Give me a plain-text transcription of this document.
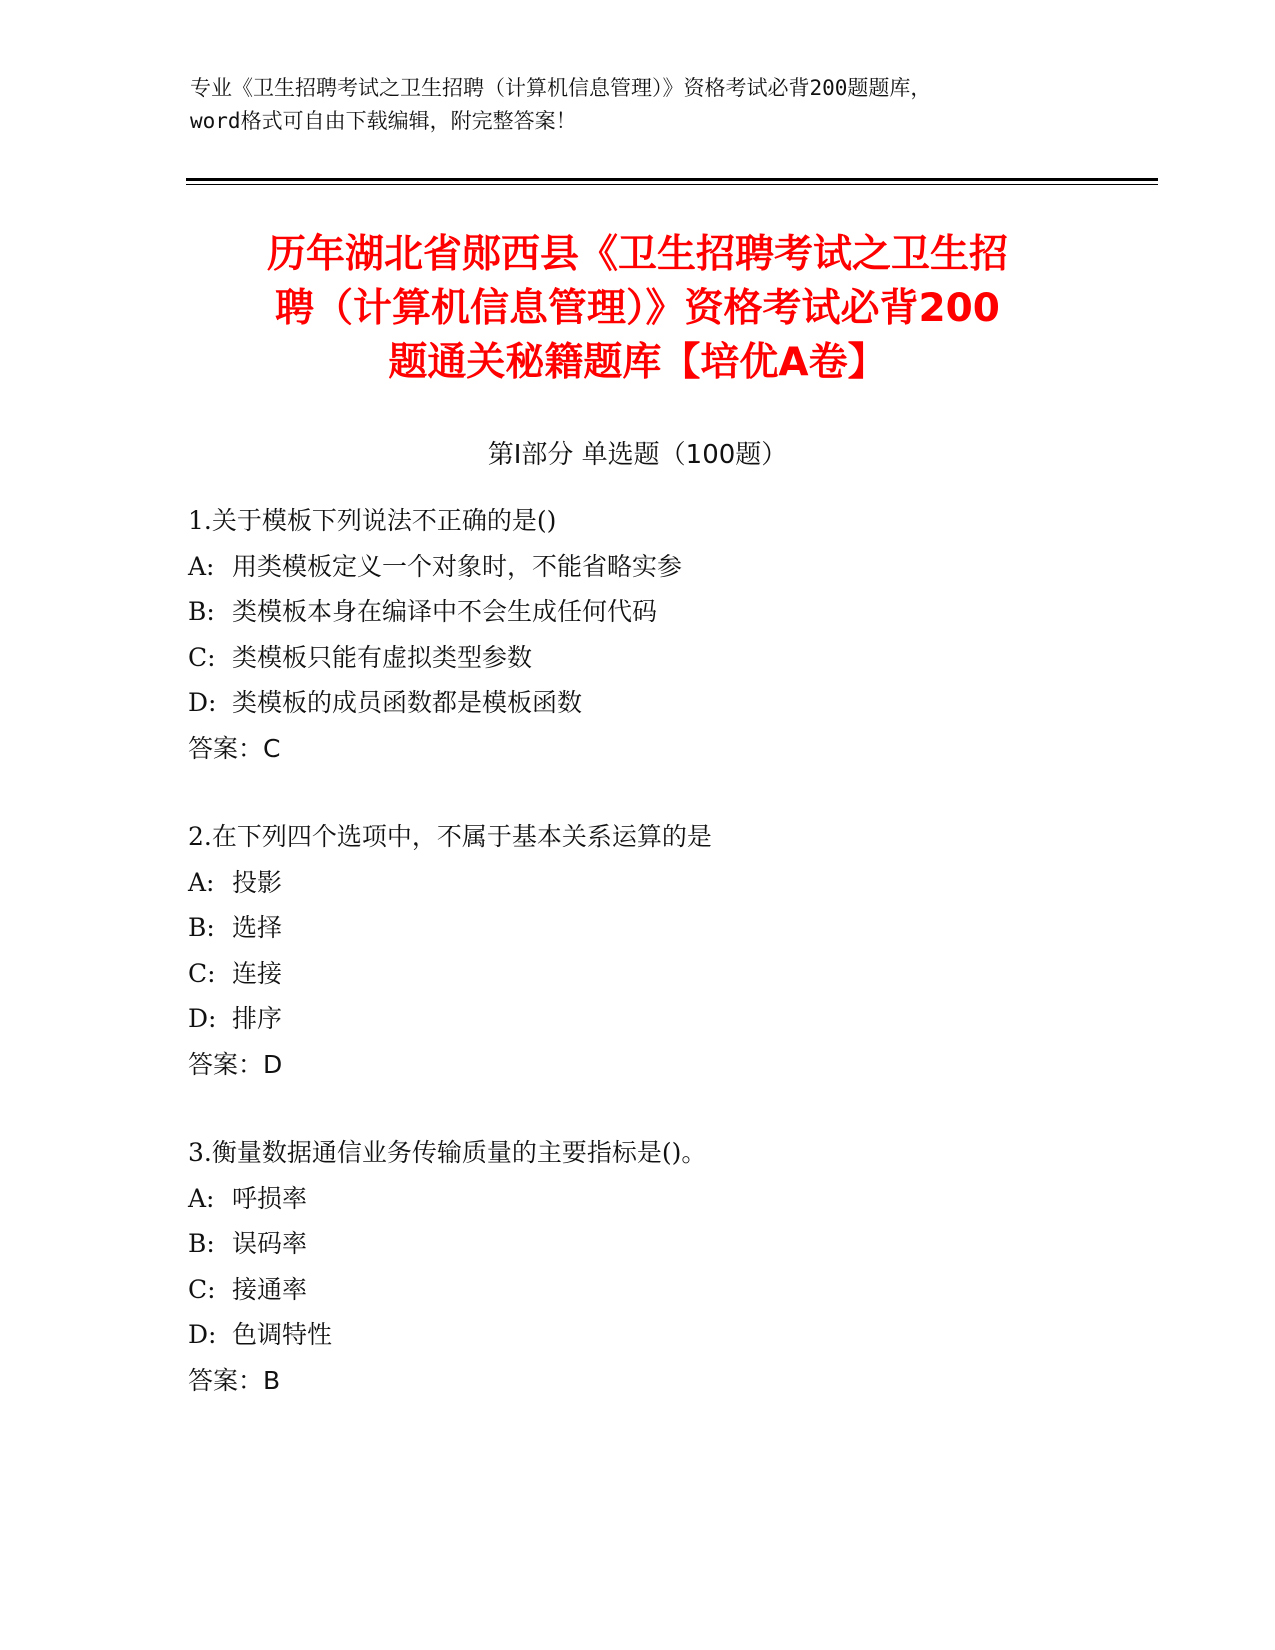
专业《卫生招聘考试之卫生招聘（计算机信息管理）》资格考试必背200题题库，
word格式可自由下载编辑，附完整答案！
历年湖北省郧西县《卫生招聘考试之卫生招
聘（计算机信息管理）》资格考试必背200
题通关秘籍题库【培优A卷】
第Ⅰ部分 单选题（100题）
1.关于模板下列说法不正确的是()
A: 用类模板定义一个对象时，不能省略实参
B: 类模板本身在编译中不会生成任何代码
C: 类模板只能有虚拟类型参数
D: 类模板的成员函数都是模板函数
答案：C
2.在下列四个选项中，不属于基本关系运算的是
A: 投影
B: 选择
C: 连接
D: 排序
答案：D
3.衡量数据通信业务传输质量的主要指标是()。
A: 呼损率
B: 误码率
C: 接通率
D: 色调特性
答案：B
